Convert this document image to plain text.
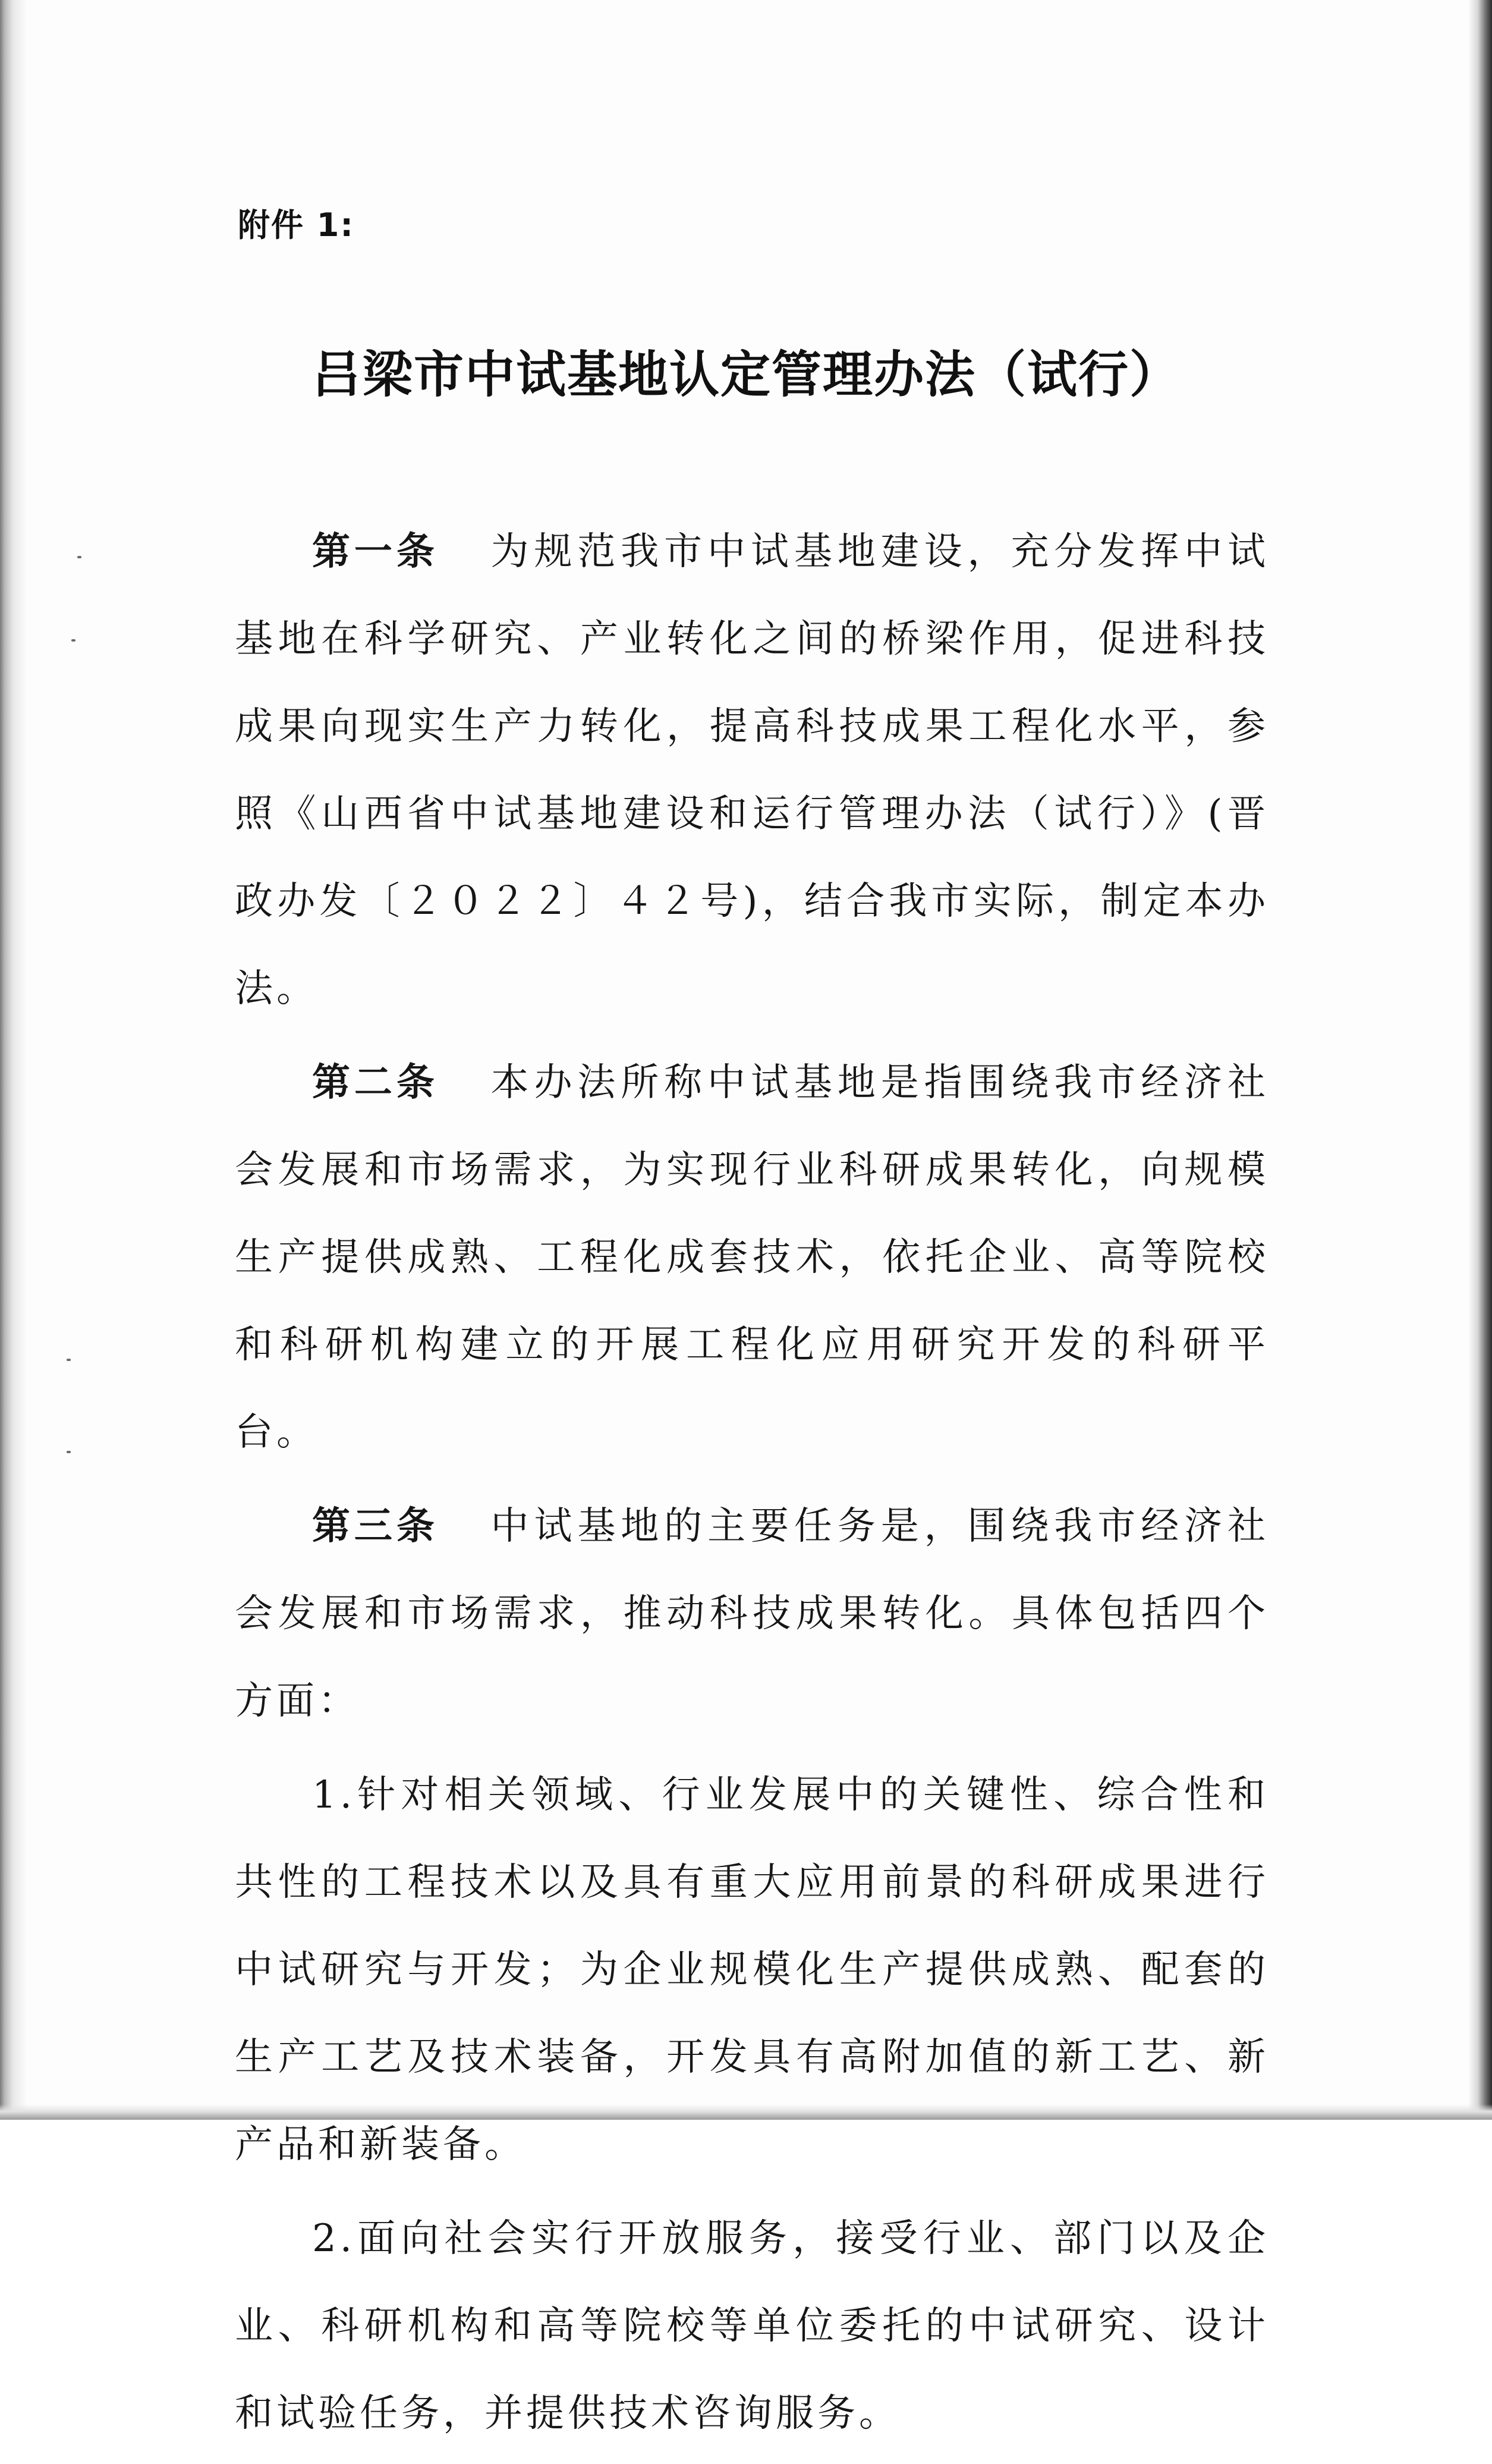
附件 1:
吕梁市中试基地认定管理办法（试行）

第一条 为规范我市中试基地建设，充分发挥中试基地在科学研究、产业转化之间的桥梁作用，促进科技成果向现实生产力转化，提高科技成果工程化水平，参照《山西省中试基地建设和运行管理办法（试行）》(晋政办发〔２０２２〕４２号)，结合我市实际，制定本办法。

第二条 本办法所称中试基地是指围绕我市经济社会发展和市场需求，为实现行业科研成果转化，向规模生产提供成熟、工程化成套技术，依托企业、高等院校和科研机构建立的开展工程化应用研究开发的科研平台。

第三条 中试基地的主要任务是，围绕我市经济社会发展和市场需求，推动科技成果转化。具体包括四个方面：

1.针对相关领域、行业发展中的关键性、综合性和共性的工程技术以及具有重大应用前景的科研成果进行中试研究与开发；为企业规模化生产提供成熟、配套的生产工艺及技术装备，开发具有高附加值的新工艺、新产品和新装备。

2.面向社会实行开放服务，接受行业、部门以及企业、科研机构和高等院校等单位委托的中试研究、设计和试验任务，并提供技术咨询服务。
